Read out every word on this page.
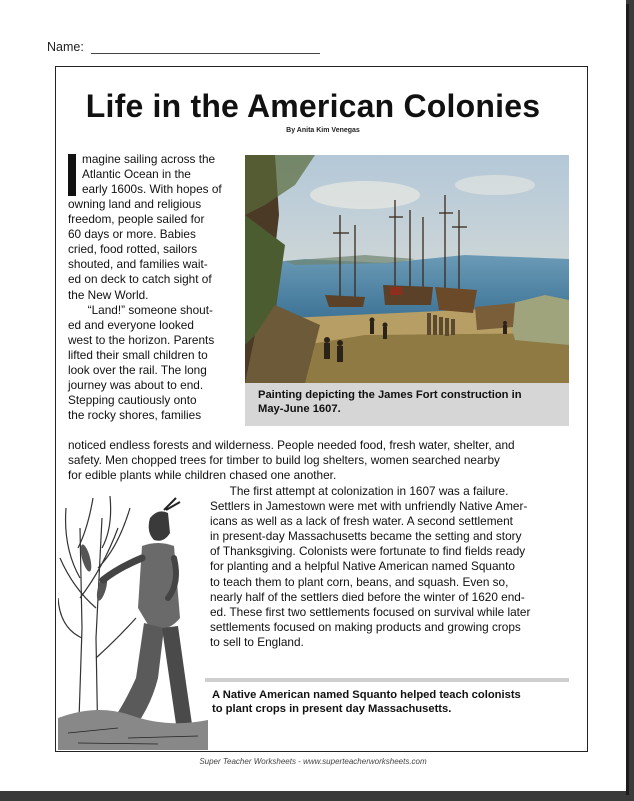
Name:
Life in the American Colonies
By Anita Kim Venegas
magine sailing across the
Atlantic Ocean in the
early 1600s. With hopes of
owning land and religious
freedom, people sailed for
60 days or more. Babies
cried, food rotted, sailors
shouted, and families wait-
ed on deck to catch sight of
the New World.
“Land!” someone shout-
ed and everyone looked
west to the horizon. Parents
lifted their small children to
look over the rail. The long
journey was about to end.
Stepping cautiously onto
the rocky shores, families
Painting depicting the James Fort construction in
May-June 1607.
noticed endless forests and wilderness. People needed food, fresh water, shelter, and
safety. Men chopped trees for timber to build log shelters, women searched nearby
for edible plants while children chased one another.
The first attempt at colonization in 1607 was a failure.
Settlers in Jamestown were met with unfriendly Native Amer-
icans as well as a lack of fresh water. A second settlement
in present-day Massachusetts became the setting and story
of Thanksgiving. Colonists were fortunate to find fields ready
for planting and a helpful Native American named Squanto
to teach them to plant corn, beans, and squash. Even so,
nearly half of the settlers died before the winter of 1620 end-
ed. These first two settlements focused on survival while later
settlements focused on making products and growing crops
to sell to England.
A Native American named Squanto helped teach colonists
to plant crops in present day Massachusetts.
Super Teacher Worksheets - www.superteacherworksheets.com
